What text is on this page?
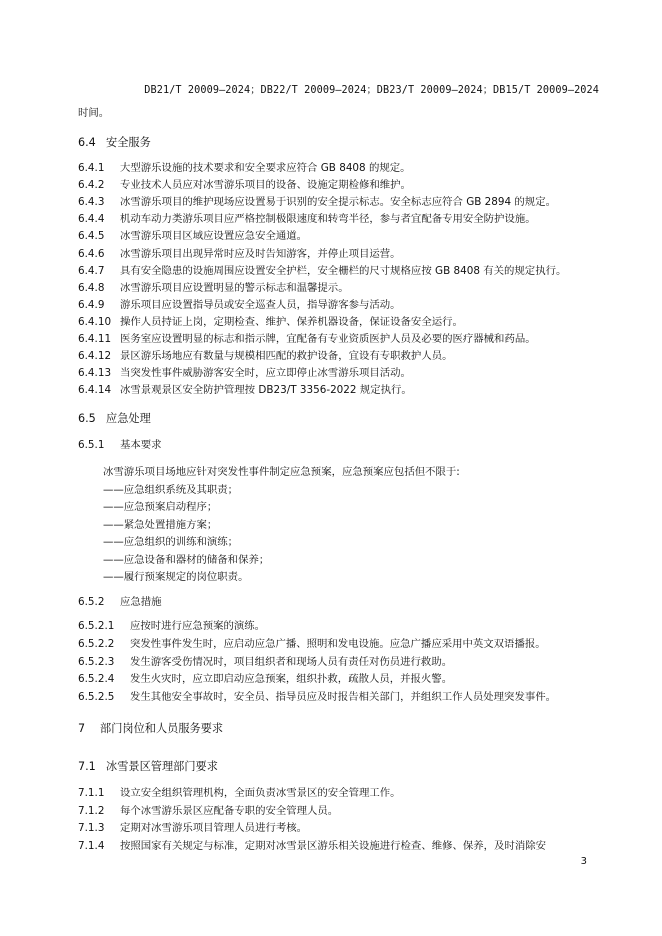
DB21/T 20009—2024；DB22/T 20009—2024；DB23/T 20009—2024；DB15/T 20009—2024
时间。
6.4 安全服务
6.4.1 大型游乐设施的技术要求和安全要求应符合 GB 8408 的规定。
6.4.2 专业技术人员应对冰雪游乐项目的设备、设施定期检修和维护。
6.4.3 冰雪游乐项目的维护现场应设置易于识别的安全提示标志。安全标志应符合 GB 2894 的规定。
6.4.4 机动车动力类游乐项目应严格控制极限速度和转弯半径，参与者宜配备专用安全防护设施。
6.4.5 冰雪游乐项目区域应设置应急安全通道。
6.4.6 冰雪游乐项目出现异常时应及时告知游客，并停止项目运营。
6.4.7 具有安全隐患的设施周围应设置安全护栏，安全栅栏的尺寸规格应按 GB 8408 有关的规定执行。
6.4.8 冰雪游乐项目应设置明显的警示标志和温馨提示。
6.4.9 游乐项目应设置指导员或安全巡查人员，指导游客参与活动。
6.4.10 操作人员持证上岗，定期检查、维护、保养机器设备，保证设备安全运行。
6.4.11 医务室应设置明显的标志和指示牌，宜配备有专业资质医护人员及必要的医疗器械和药品。
6.4.12 景区游乐场地应有数量与规模相匹配的救护设备，宜设有专职救护人员。
6.4.13 当突发性事件威胁游客安全时，应立即停止冰雪游乐项目活动。
6.4.14 冰雪景观景区安全防护管理按 DB23/T 3356-2022 规定执行。
6.5 应急处理
6.5.1 基本要求
冰雪游乐项目场地应针对突发性事件制定应急预案，应急预案应包括但不限于:
——应急组织系统及其职责；
——应急预案启动程序；
——紧急处置措施方案；
——应急组织的训练和演练；
——应急设备和器材的储备和保养；
——履行预案规定的岗位职责。
6.5.2 应急措施
6.5.2.1 应按时进行应急预案的演练。
6.5.2.2 突发性事件发生时，应启动应急广播、照明和发电设施。应急广播应采用中英文双语播报。
6.5.2.3 发生游客受伤情况时，项目组织者和现场人员有责任对伤员进行救助。
6.5.2.4 发生火灾时，应立即启动应急预案，组织扑救，疏散人员，并报火警。
6.5.2.5 发生其他安全事故时，安全员、指导员应及时报告相关部门，并组织工作人员处理突发事件。
7 部门岗位和人员服务要求
7.1 冰雪景区管理部门要求
7.1.1 设立安全组织管理机构，全面负责冰雪景区的安全管理工作。
7.1.2 每个冰雪游乐景区应配备专职的安全管理人员。
7.1.3 定期对冰雪游乐项目管理人员进行考核。
7.1.4 按照国家有关规定与标准，定期对冰雪景区游乐相关设施进行检查、维修、保养，及时消除安
3
